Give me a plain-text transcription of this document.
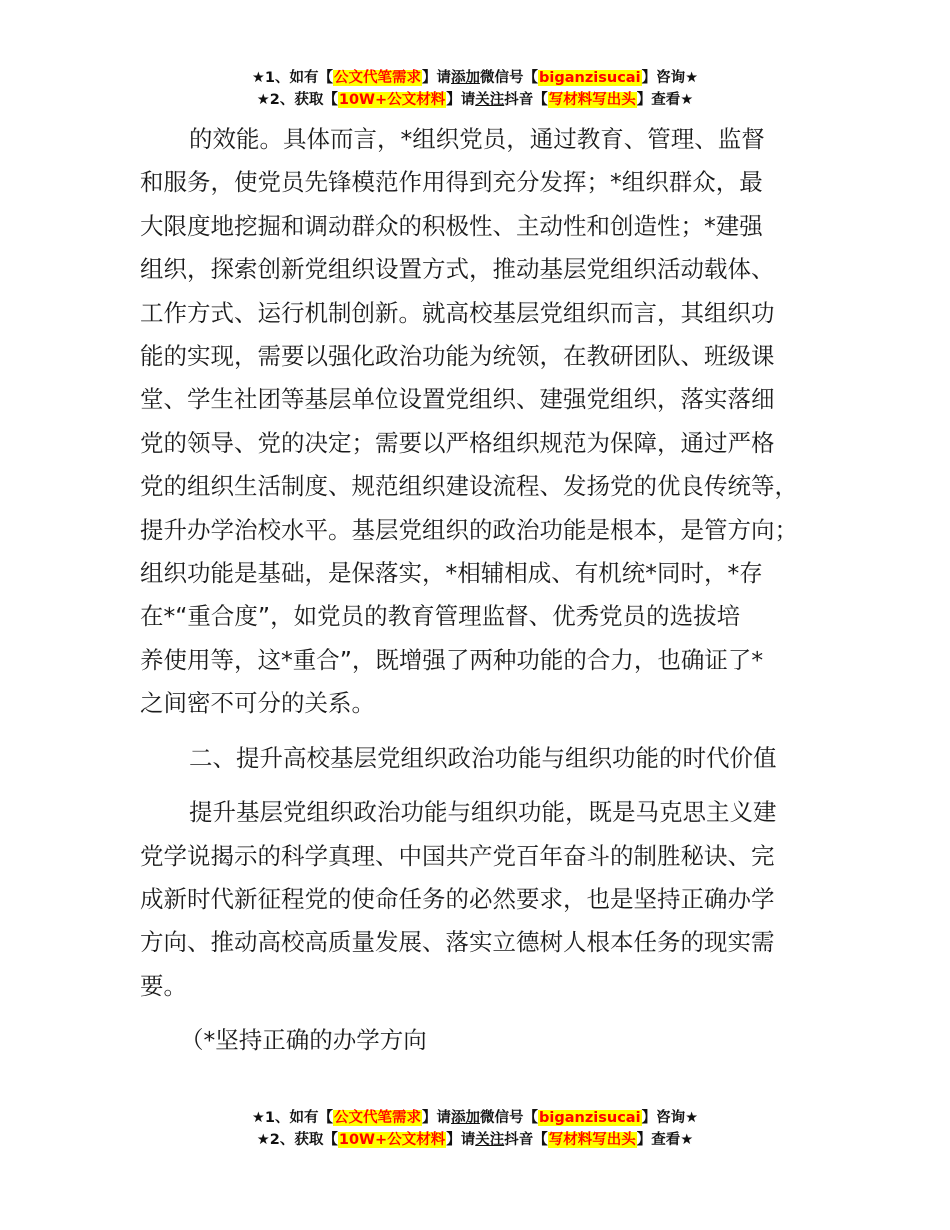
★1、如有【公文代笔需求】请添加微信号【biganzisucai】咨询★
★2、获取【10W+公文材料】请关注抖音【写材料写出头】查看★
的效能。具体而言，*组织党员，通过教育、管理、监督
和服务，使党员先锋模范作用得到充分发挥；*组织群众，最
大限度地挖掘和调动群众的积极性、主动性和创造性；*建强
组织，探索创新党组织设置方式，推动基层党组织活动载体、
工作方式、运行机制创新。就高校基层党组织而言，其组织功
能的实现，需要以强化政治功能为统领，在教研团队、班级课
堂、学生社团等基层单位设置党组织、建强党组织，落实落细
党的领导、党的决定；需要以严格组织规范为保障，通过严格
党的组织生活制度、规范组织建设流程、发扬党的优良传统等，
提升办学治校水平。基层党组织的政治功能是根本，是管方向；
组织功能是基础，是保落实，*相辅相成、有机统*同时，*存
在*“重合度”，如党员的教育管理监督、优秀党员的选拔培
养使用等，这*重合”，既增强了两种功能的合力，也确证了*
之间密不可分的关系。
二、提升高校基层党组织政治功能与组织功能的时代价值
提升基层党组织政治功能与组织功能，既是马克思主义建
党学说揭示的科学真理、中国共产党百年奋斗的制胜秘诀、完
成新时代新征程党的使命任务的必然要求，也是坚持正确办学
方向、推动高校高质量发展、落实立德树人根本任务的现实需
要。
（*坚持正确的办学方向
★1、如有【公文代笔需求】请添加微信号【biganzisucai】咨询★
★2、获取【10W+公文材料】请关注抖音【写材料写出头】查看★
